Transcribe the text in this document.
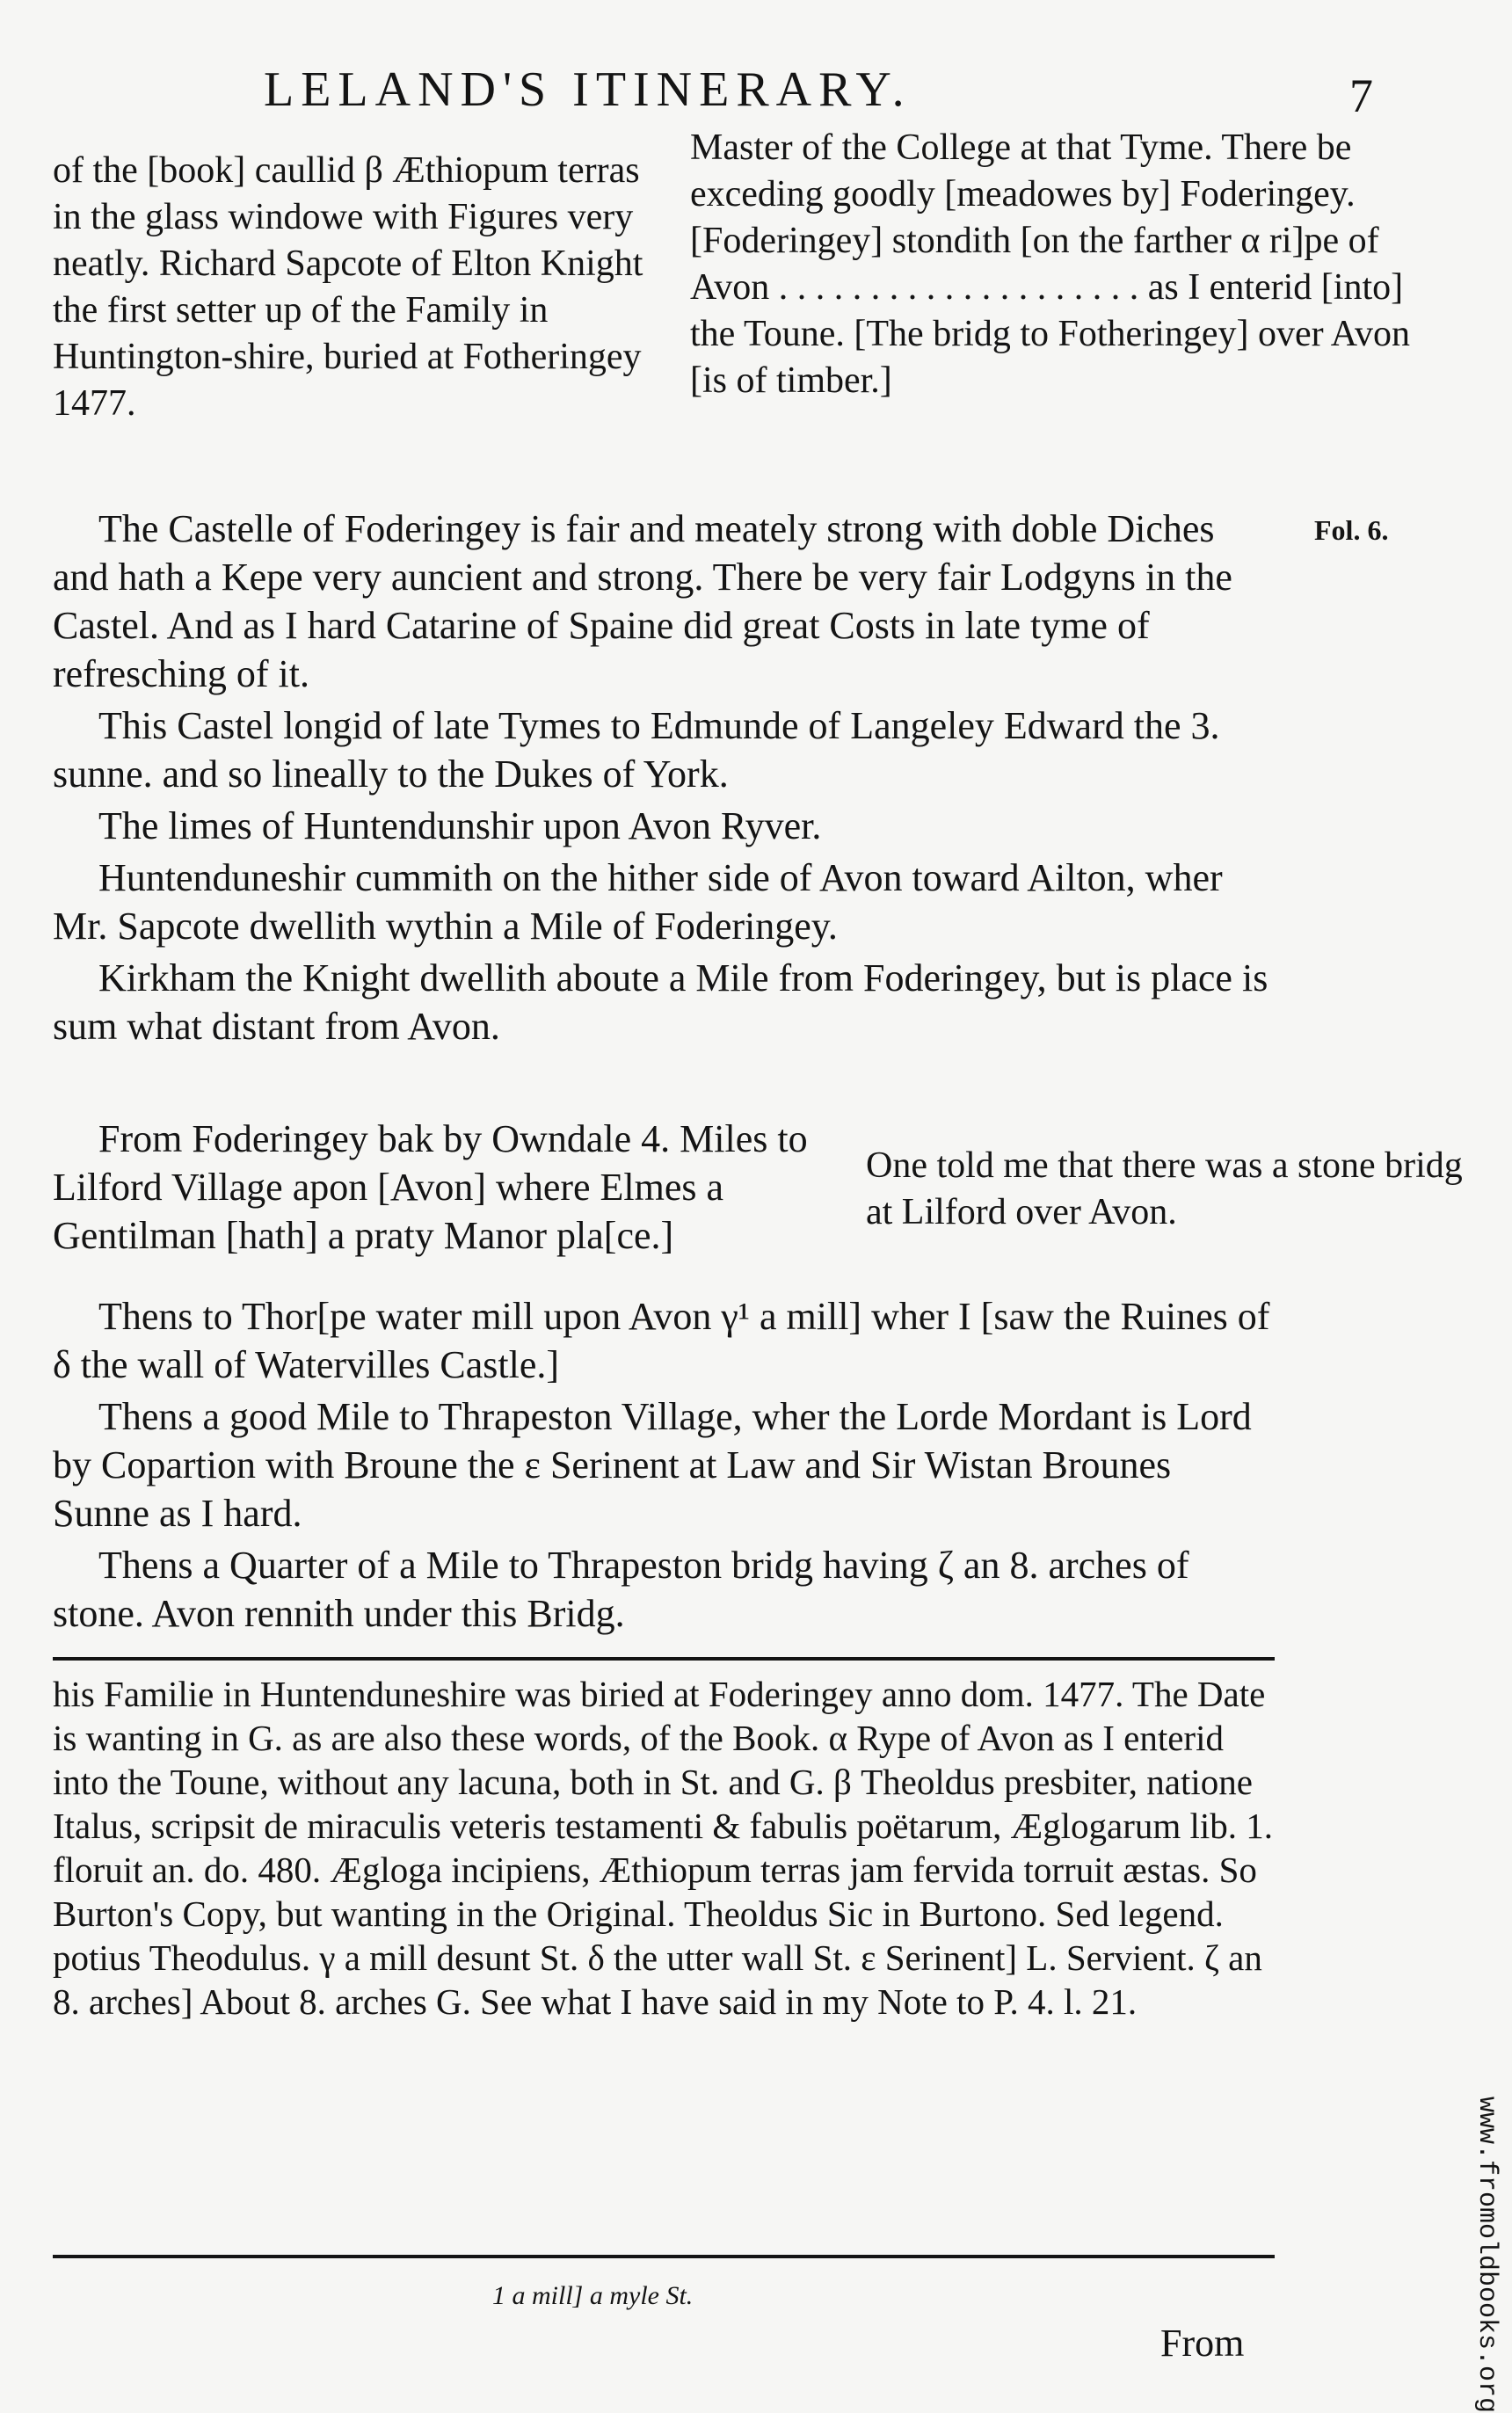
LELAND'S ITINERARY.	7
of the [book] caullid β Æthiopum terras in the glass windowe with Figures very neatly. Richard Sapcote of Elton Knight the first setter up of the Family in Huntington-shire, buried at Fotheringey 1477.
Master of the College at that Tyme. There be exceding goodly [meadowes by] Foderingey. [Foderingey] stondith [on the farther α ri]pe of Avon . . . . . . . . . . . . . . . . . . . . as I enterid [into] the Toune. [The bridg to Fotheringey] over Avon [is of timber.]

The Castelle of Foderingey is fair and meately strong with doble Diches and hath a Kepe very auncient and strong. There be very fair Lodgyns in the Castel. And as I hard Catarine of Spaine did great Costs in late tyme of refresching of it.

This Castel longid of late Tymes to Edmunde of Langeley Edward the 3. sunne. and so lineally to the Dukes of York.

The limes of Huntendunshir upon Avon Ryver.

Huntenduneshir cummith on the hither side of Avon toward Ailton, wher Mr. Sapcote dwellith wythin a Mile of Foderingey.

Kirkham the Knight dwellith aboute a Mile from Foderingey, but is place is sum what distant from Avon.

Fol. 6.

From Foderingey bak by Owndale 4. Miles to Lilford Village apon [Avon] where Elmes a Gentilman [hath] a praty Manor pla[ce.]

One told me that there was a stone bridg at Lilford over Avon.

Thens to Thor[pe water mill upon Avon γ¹ a mill] wher I [saw the Ruines of δ the wall of Watervilles Castle.]

Thens a good Mile to Thrapeston Village, wher the Lorde Mordant is Lord by Copartion with Broune the ε Serinent at Law and Sir Wistan Brounes Sunne as I hard.

Thens a Quarter of a Mile to Thrapeston bridg having ζ an 8. arches of stone. Avon rennith under this Bridg.

his Familie in Huntenduneshire was biried at Foderingey anno dom. 1477. The Date is wanting in G. as are also these words, of the Book. α Rype of Avon as I enterid into the Toune, without any lacuna, both in St. and G. β Theoldus presbiter, natione Italus, scripsit de miraculis veteris testamenti & fabulis poëtarum, Æglogarum lib. 1. floruit an. do. 480. Ægloga incipiens, Æthiopum terras jam fervida torruit æstas. So Burton's Copy, but wanting in the Original. Theoldus Sic in Burtono. Sed legend. potius Theodulus. γ a mill desunt St. δ the utter wall St. ε Serinent] L. Servient. ζ an 8. arches] About 8. arches G. See what I have said in my Note to P. 4. l. 21.
1 a mill] a myle St.
From	www.fromoldbooks.org
